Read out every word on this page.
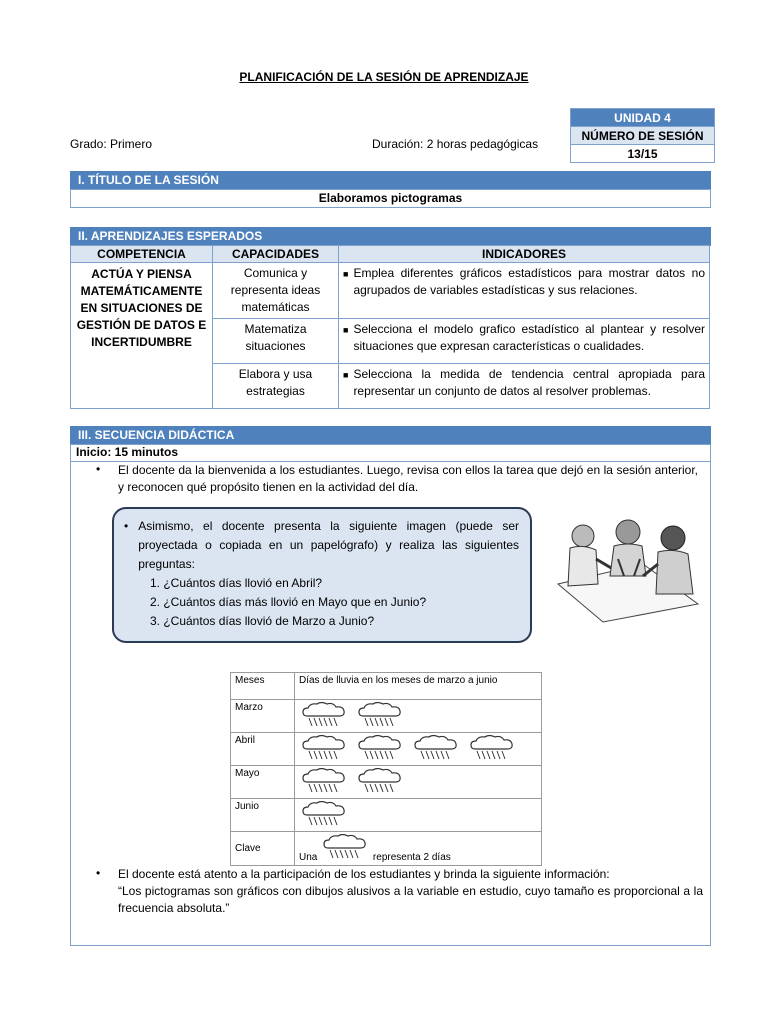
PLANIFICACIÓN DE LA SESIÓN DE APRENDIZAJE
Grado: Primero	Duración: 2 horas pedagógicas
UNIDAD 4
NÚMERO DE SESIÓN
13/15
I. TÍTULO DE LA SESIÓN
Elaboramos pictogramas
II. APRENDIZAJES ESPERADOS
COMPETENCIA	CAPACIDADES	INDICADORES
ACTÚA Y PIENSA MATEMÁTICAMENTE EN SITUACIONES DE GESTIÓN DE DATOS E INCERTIDUMBRE	Comunica y representa ideas matemáticas	■ Emplea diferentes gráficos estadísticos para mostrar datos no agrupados de variables estadísticas y sus relaciones.

	Matematiza situaciones	■ Selecciona el modelo grafico estadístico al plantear y resolver situaciones que expresan características o cualidades.

	Elabora y usa estrategias	■ Selecciona la medida de tendencia central apropiada para representar un conjunto de datos al resolver problemas.
III. SECUENCIA DIDÁCTICA
Inicio: 15 minutos
• El docente da la bienvenida a los estudiantes. Luego, revisa con ellos la tarea que dejó en la sesión anterior, y reconocen qué propósito tienen en la actividad del día.
• Asimismo, el docente presenta la siguiente imagen (puede ser proyectada o copiada en un papelógrafo) y realiza las siguientes preguntas:
1. ¿Cuántos días llovió en Abril?
2. ¿Cuántos días más llovió en Mayo que en Junio?
3. ¿Cuántos días llovió de Marzo a Junio?
Meses	Días de lluvia en los meses de marzo a junio
Marzo	
Abril	
Mayo	
Junio	
Clave	Una representa 2 días
• El docente está atento a la participación de los estudiantes y brinda la siguiente información:
“Los pictogramas son gráficos con dibujos alusivos a la variable en estudio, cuyo tamaño es proporcional a la frecuencia absoluta.”
